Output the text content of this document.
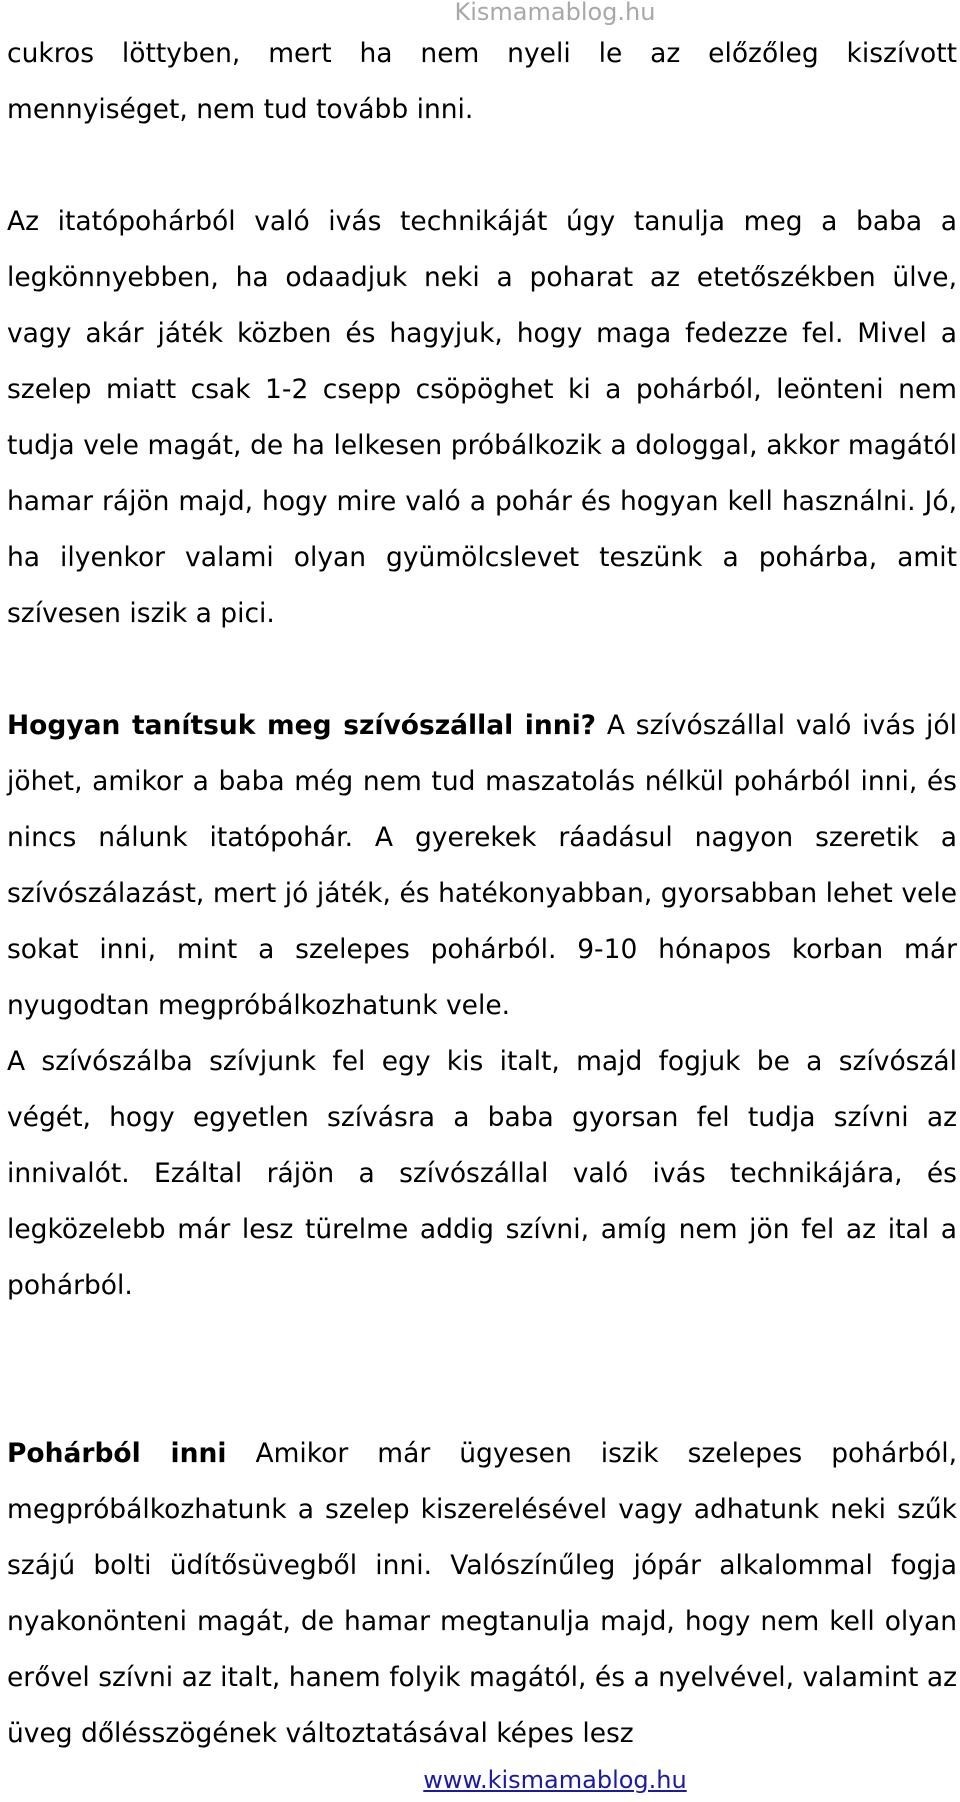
Kismamablog.hu

cukros löttyben, mert ha nem nyeli le az előzőleg kiszívott mennyiséget, nem tud tovább inni.

Az itatópohárból való ivás technikáját úgy tanulja meg a baba a legkönnyebben, ha odaadjuk neki a poharat az etetőszékben ülve, vagy akár játék közben és hagyjuk, hogy maga fedezze fel. Mivel a szelep miatt csak 1-2 csepp csöpöghet ki a pohárból, leönteni nem tudja vele magát, de ha lelkesen próbálkozik a dologgal, akkor magától hamar rájön majd, hogy mire való a pohár és hogyan kell használni. Jó, ha ilyenkor valami olyan gyümölcslevet teszünk a pohárba, amit szívesen iszik a pici.

Hogyan tanítsuk meg szívószállal inni? A szívószállal való ivás jól jöhet, amikor a baba még nem tud maszatolás nélkül pohárból inni, és nincs nálunk itatópohár. A gyerekek ráadásul nagyon szeretik a szívószálazást, mert jó játék, és hatékonyabban, gyorsabban lehet vele sokat inni, mint a szelepes pohárból. 9-10 hónapos korban már nyugodtan megpróbálkozhatunk vele.

A szívószálba szívjunk fel egy kis italt, majd fogjuk be a szívószál végét, hogy egyetlen szívásra a baba gyorsan fel tudja szívni az innivalót. Ezáltal rájön a szívószállal való ivás technikájára, és legközelebb már lesz türelme addig szívni, amíg nem jön fel az ital a pohárból.

Pohárból inni Amikor már ügyesen iszik szelepes pohárból, megpróbálkozhatunk a szelep kiszerelésével vagy adhatunk neki szűk szájú bolti üdítősüvegből inni. Valószínűleg jópár alkalommal fogja nyakonönteni magát, de hamar megtanulja majd, hogy nem kell olyan erővel szívni az italt, hanem folyik magától, és a nyelvével, valamint az üveg dőlésszögének változtatásával képes lesz

www.kismamablog.hu
